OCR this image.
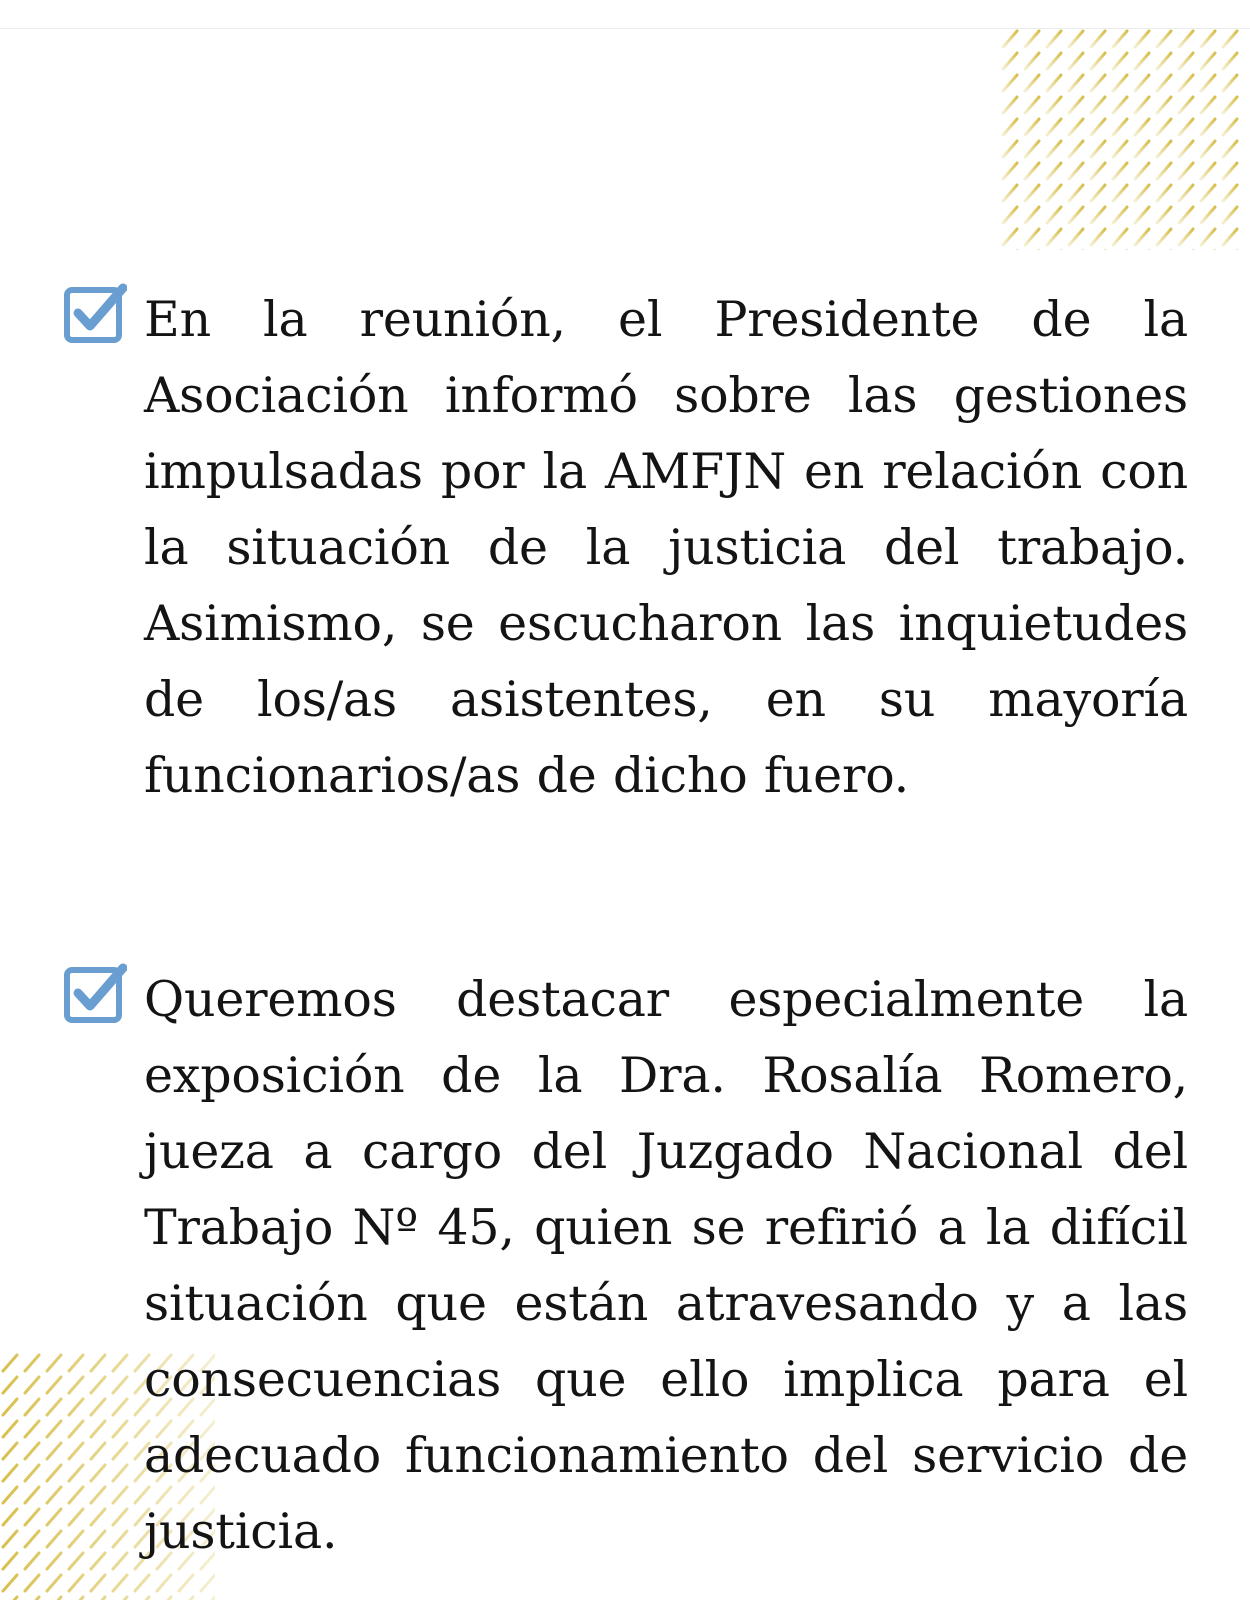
En la reunión, el Presidente de la Asociación informó sobre las gestiones impulsadas por la AMFJN en relación con la situación de la justicia del trabajo. Asimismo, se escucharon las inquietudes de los/as asistentes, en su mayoría funcionarios/as de dicho fuero.

Queremos destacar especialmente la exposición de la Dra. Rosalía Romero, jueza a cargo del Juzgado Nacional del Trabajo Nº 45, quien se refirió a la difícil situación que están atravesando y a las consecuencias que ello implica para el adecuado funcionamiento del servicio de justicia.
